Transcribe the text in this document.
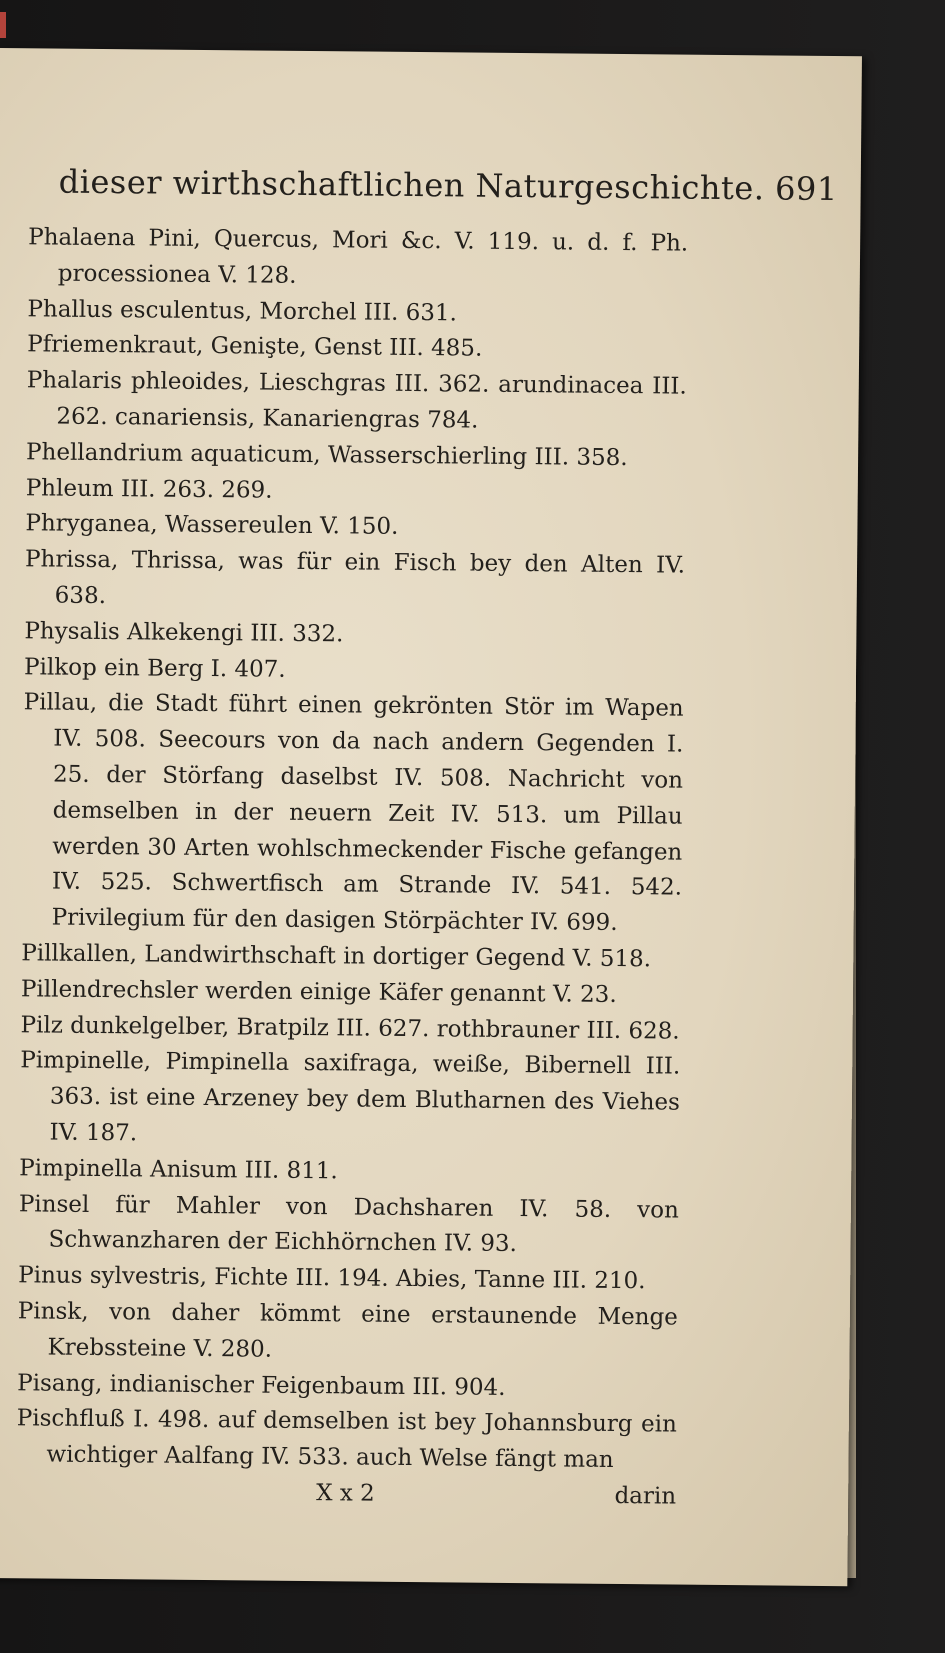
dieser wirthschaftlichen Naturgeschichte. 691
Phalaena Pini, Quercus, Mori &c. V. 119. u. d. f. Ph. processionea V. 128.
Phallus esculentus, Morchel III. 631.
Pfriemenkraut, Genişte, Genst III. 485.
Phalaris phleoides, Lieschgras III. 362. arundinacea III. 262. canariensis, Kanariengras 784.
Phellandrium aquaticum, Wasserschierling III. 358.
Phleum III. 263. 269.
Phryganea, Wassereulen V. 150.
Phrissa, Thrissa, was für ein Fisch bey den Alten IV. 638.
Physalis Alkekengi III. 332.
Pilkop ein Berg I. 407.
Pillau, die Stadt führt einen gekrönten Stör im Wapen IV. 508. Seecours von da nach andern Gegenden I. 25. der Störfang daselbst IV. 508. Nachricht von demselben in der neuern Zeit IV. 513. um Pillau werden 30 Arten wohlschmeckender Fische gefangen IV. 525. Schwertfisch am Strande IV. 541. 542. Privilegium für den dasigen Störpächter IV. 699.
Pillkallen, Landwirthschaft in dortiger Gegend V. 518.
Pillendrechsler werden einige Käfer genannt V. 23.
Pilz dunkelgelber, Bratpilz III. 627. rothbrauner III. 628.
Pimpinelle, Pimpinella saxifraga, weiße, Bibernell III. 363. ist eine Arzeney bey dem Blutharnen des Viehes IV. 187.
Pimpinella Anisum III. 811.
Pinsel für Mahler von Dachsharen IV. 58. von Schwanzharen der Eichhörnchen IV. 93.
Pinus sylvestris, Fichte III. 194. Abies, Tanne III. 210.
Pinsk, von daher kömmt eine erstaunende Menge Krebssteine V. 280.
Pisang, indianischer Feigenbaum III. 904.
Pischfluß I. 498. auf demselben ist bey Johannsburg ein wichtiger Aalfang IV. 533. auch Welse fängt man
X x 2	darin
